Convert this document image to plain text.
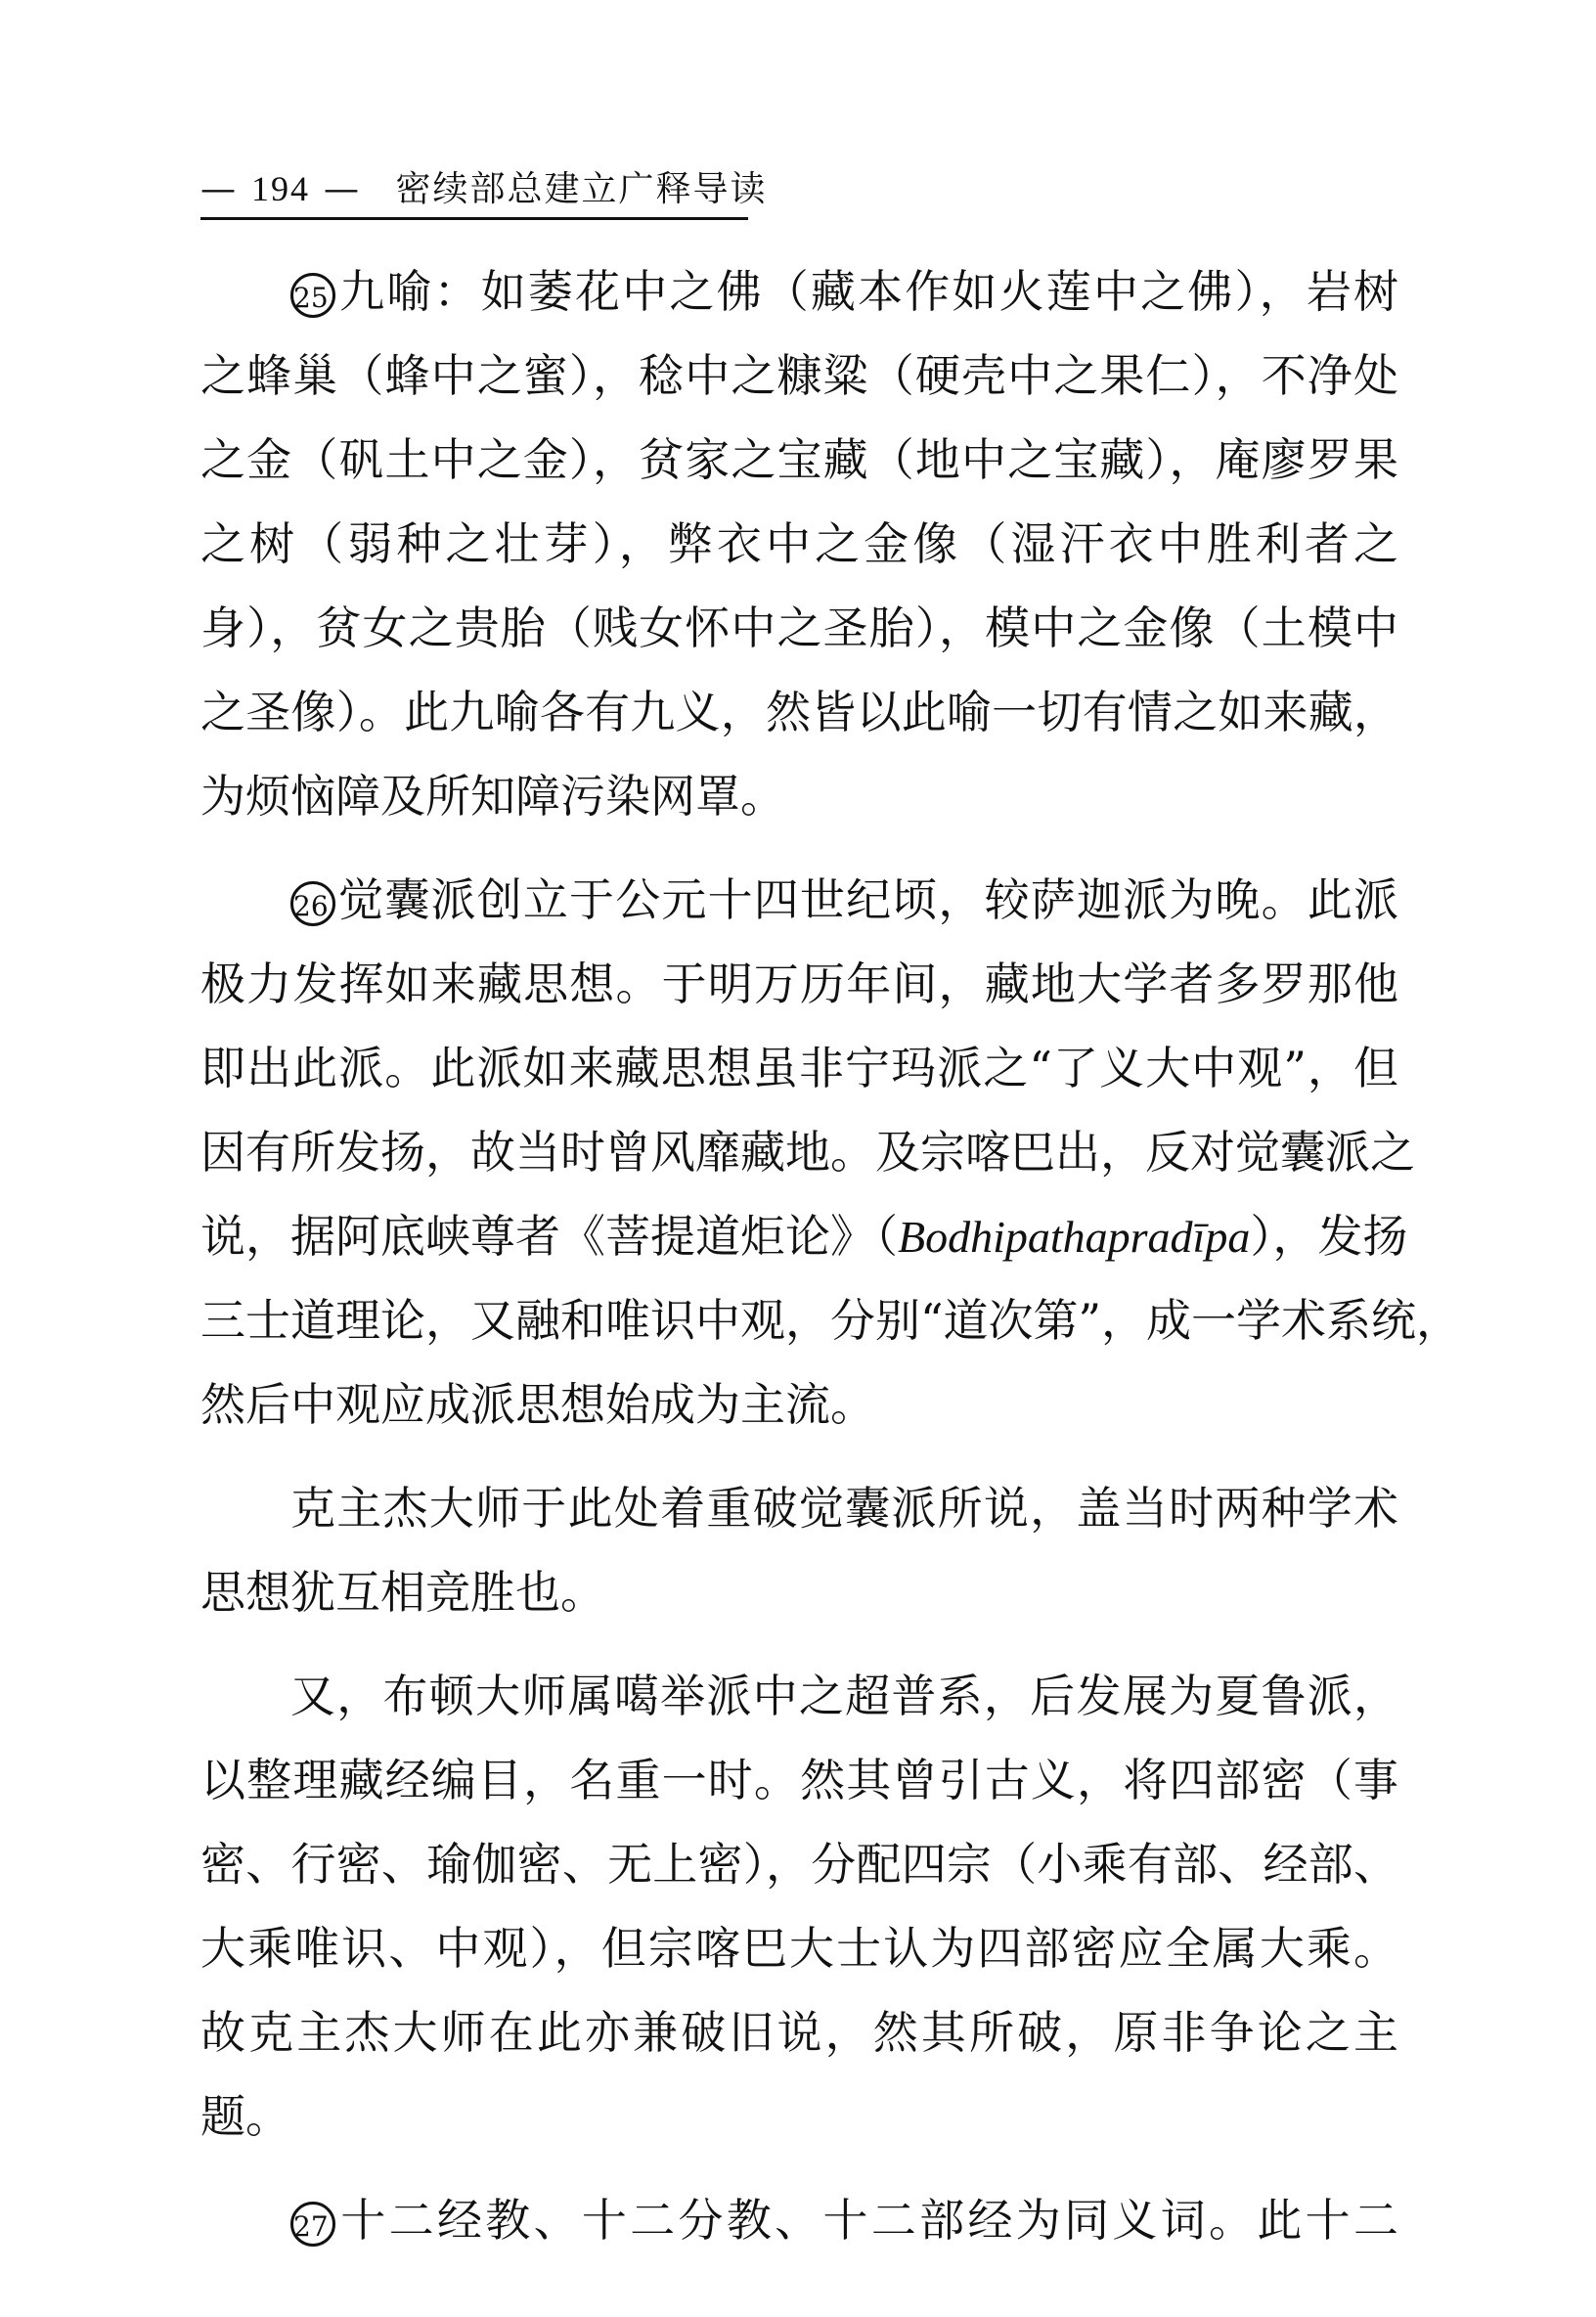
— 194 — 密续部总建立广释导读
25 九喻：如萎花中之佛（藏本作如火莲中之佛），岩树
之蜂巢（蜂中之蜜），稔中之糠粱（硬壳中之果仁），不净处
之金（矾土中之金），贫家之宝藏（地中之宝藏），庵廖罗果
之树（弱种之壮芽），弊衣中之金像（湿汗衣中胜利者之
身），贫女之贵胎（贱女怀中之圣胎），模中之金像（土模中
之圣像）。此九喻各有九义，然皆以此喻一切有情之如来藏，
为烦恼障及所知障污染网罩。
26 觉囊派创立于公元十四世纪顷，较萨迦派为晚。此派
极力发挥如来藏思想。于明万历年间，藏地大学者多罗那他
即出此派。此派如来藏思想虽非宁玛派之“了义大中观”，但
因有所发扬，故当时曾风靡藏地。及宗喀巴出，反对觉囊派之
说，据阿底峡尊者《菩提道炬论》（Bodhipathapradīpa），发扬
三士道理论，又融和唯识中观，分别“道次第”，成一学术系统，
然后中观应成派思想始成为主流。
克主杰大师于此处着重破觉囊派所说，盖当时两种学术
思想犹互相竞胜也。
又，布顿大师属噶举派中之超普系，后发展为夏鲁派，
以整理藏经编目，名重一时。然其曾引古义，将四部密（事
密、行密、瑜伽密、无上密），分配四宗（小乘有部、经部、
大乘唯识、中观），但宗喀巴大士认为四部密应全属大乘。
故克主杰大师在此亦兼破旧说，然其所破，原非争论之主
题。
27 十二经教、十二分教、十二部经为同义词。此十二
